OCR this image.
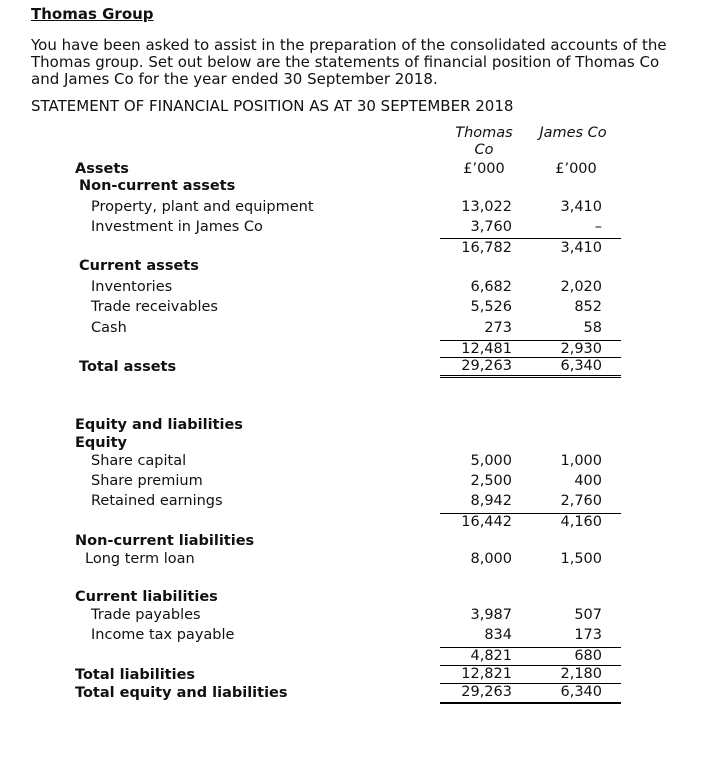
Thomas Group
You have been asked to assist in the preparation of the consolidated accounts of the Thomas group. Set out below are the statements of financial position of Thomas Co and James Co for the year ended 30 September 2018.
STATEMENT OF FINANCIAL POSITION AS AT 30 SEPTEMBER 2018
Thomas
Co
James Co
£’000	£’000
Assets
Non-current assets
Property, plant and equipment	13,022	3,410
Investment in James Co	3,760	–
16,782	3,410
Current assets
Inventories	6,682	2,020
Trade receivables	5,526	852
Cash	273	58
12,481	2,930
Total assets	29,263	6,340
Equity and liabilities
Equity
Share capital	5,000	1,000
Share premium	2,500	400
Retained earnings	8,942	2,760
16,442	4,160
Non-current liabilities
Long term loan	8,000	1,500
Current liabilities
Trade payables	3,987	507
Income tax payable	834	173
4,821	680
Total liabilities	12,821	2,180
Total equity and liabilities	29,263	6,340
